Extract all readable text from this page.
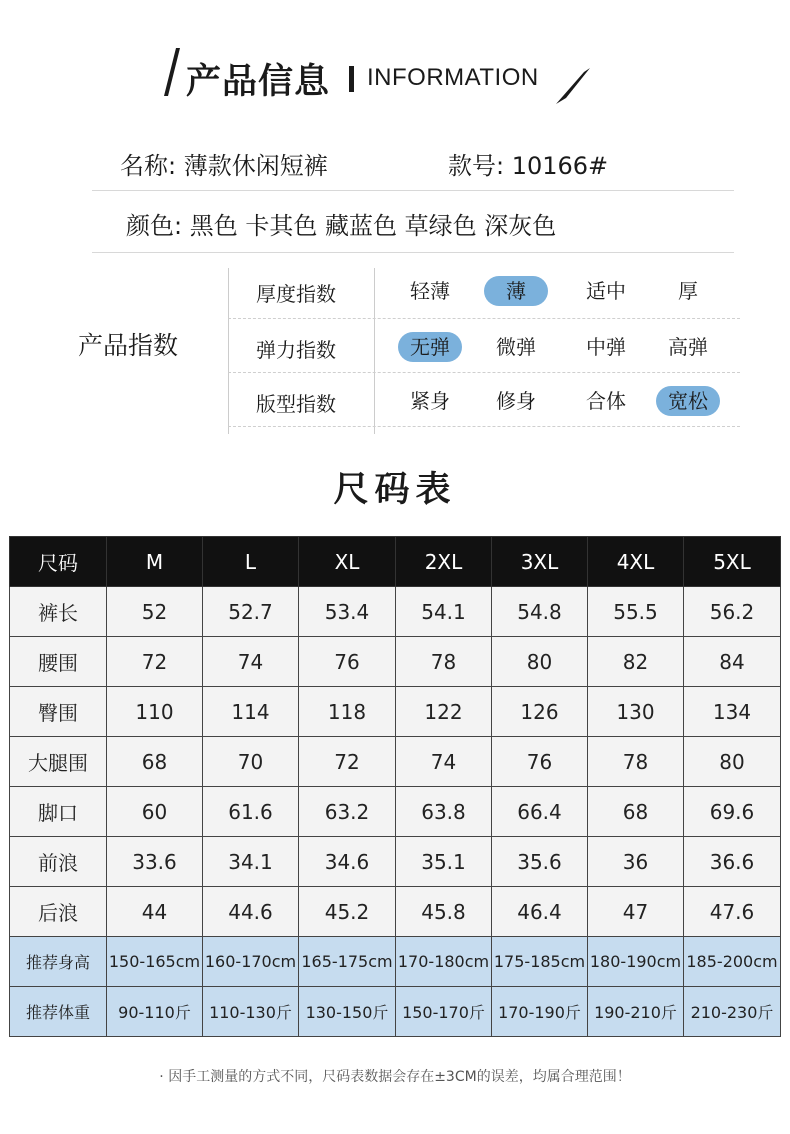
产品信息 INFORMATION
名称: 薄款休闲短裤	款号: 10166#
颜色: 黑色 卡其色 藏蓝色 草绿色 深灰色
产品指数
厚度指数	轻薄	薄	适中	厚
弹力指数	无弹	微弹	中弹	高弹
版型指数	紧身	修身	合体	宽松
尺码表
尺码	M	L	XL	2XL	3XL	4XL	5XL
裤长	52	52.7	53.4	54.1	54.8	55.5	56.2
腰围	72	74	76	78	80	82	84
臀围	110	114	118	122	126	130	134
大腿围	68	70	72	74	76	78	80
脚口	60	61.6	63.2	63.8	66.4	68	69.6
前浪	33.6	34.1	34.6	35.1	35.6	36	36.6
后浪	44	44.6	45.2	45.8	46.4	47	47.6
推荐身高	150-165cm	160-170cm	165-175cm	170-180cm	175-185cm	180-190cm	185-200cm
推荐体重	90-110斤	110-130斤	130-150斤	150-170斤	170-190斤	190-210斤	210-230斤
· 因手工测量的方式不同，尺码表数据会存在±3CM的误差，均属合理范围！
